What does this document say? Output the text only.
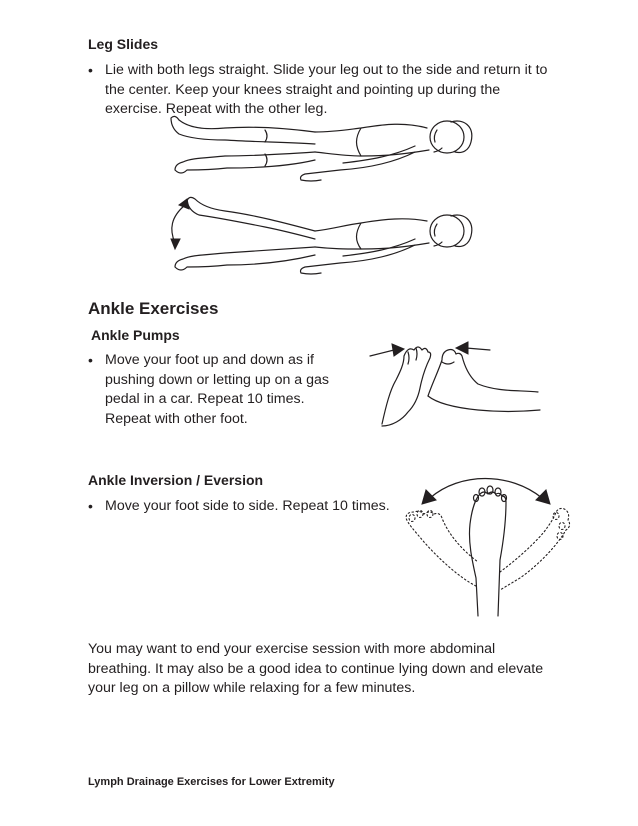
Leg Slides
• Lie with both legs straight. Slide your leg out to the side and return it to the center. Keep your knees straight and pointing up during the exercise. Repeat with the other leg.
Ankle Exercises
Ankle Pumps
• Move your foot up and down as if pushing down or letting up on a gas pedal in a car. Repeat 10 times. Repeat with other foot.
Ankle Inversion / Eversion
• Move your foot side to side. Repeat 10 times.
You may want to end your exercise session with more abdominal breathing. It may also be a good idea to continue lying down and elevate your leg on a pillow while relaxing for a few minutes.
Lymph Drainage Exercises for Lower Extremity
